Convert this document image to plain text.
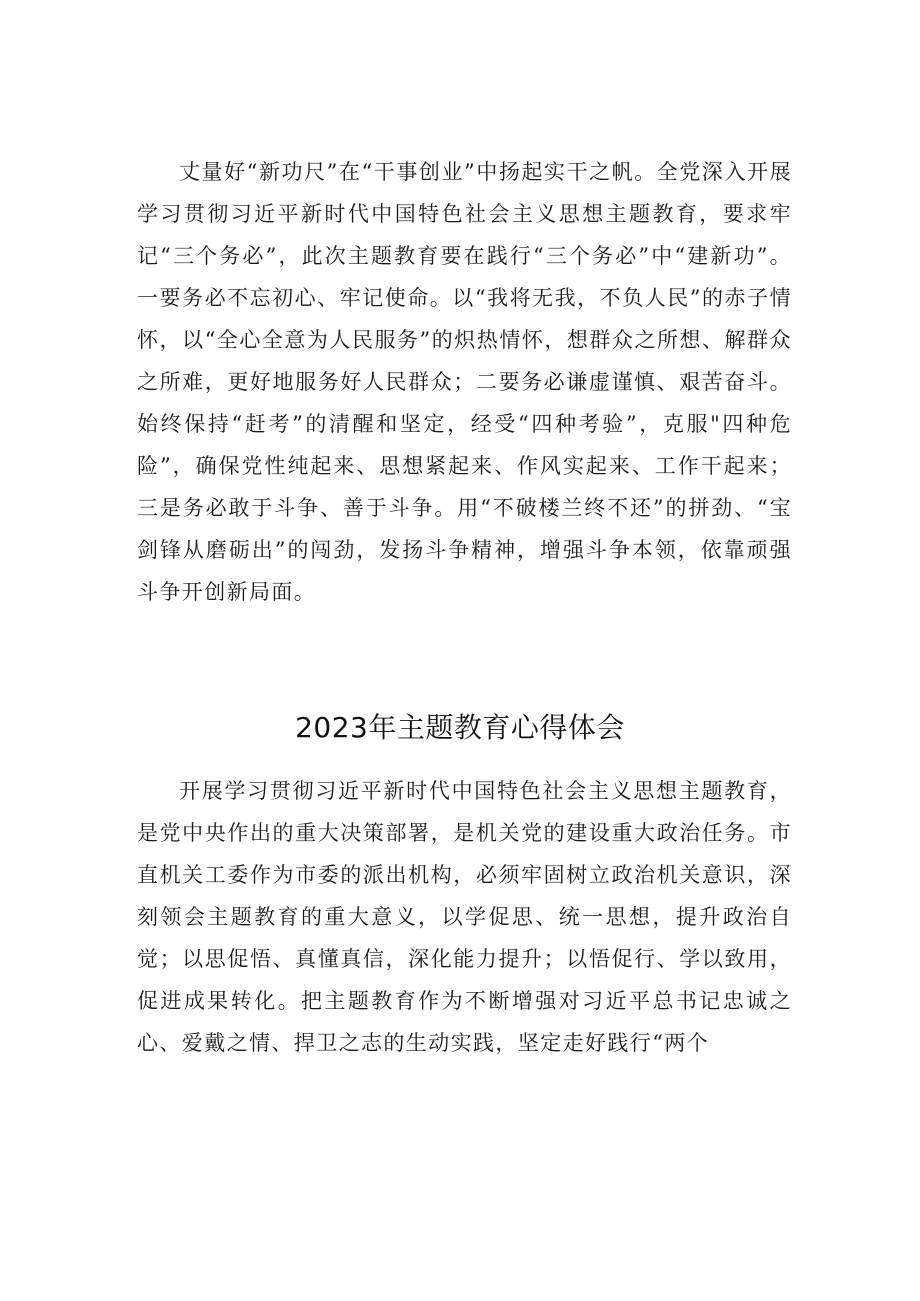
丈量好“新功尺”在“干事创业”中扬起实干之帆。全党深入开展学习贯彻习近平新时代中国特色社会主义思想主题教育，要求牢记“三个务必”，此次主题教育要在践行“三个务必”中“建新功”。一要务必不忘初心、牢记使命。以“我将无我，不负人民”的赤子情怀，以“全心全意为人民服务”的炽热情怀，想群众之所想、解群众之所难，更好地服务好人民群众；二要务必谦虚谨慎、艰苦奋斗。始终保持“赶考”的清醒和坚定，经受“四种考验”，克服"四种危险”，确保党性纯起来、思想紧起来、作风实起来、工作干起来；三是务必敢于斗争、善于斗争。用“不破楼兰终不还”的拼劲、“宝剑锋从磨砺出”的闯劲，发扬斗争精神，增强斗争本领，依靠顽强斗争开创新局面。

2023年主题教育心得体会

开展学习贯彻习近平新时代中国特色社会主义思想主题教育，是党中央作出的重大决策部署，是机关党的建设重大政治任务。市直机关工委作为市委的派出机构，必须牢固树立政治机关意识，深刻领会主题教育的重大意义，以学促思、统一思想，提升政治自觉；以思促悟、真懂真信，深化能力提升；以悟促行、学以致用，促进成果转化。把主题教育作为不断增强对习近平总书记忠诚之心、爱戴之情、捍卫之志的生动实践，坚定走好践行“两个
